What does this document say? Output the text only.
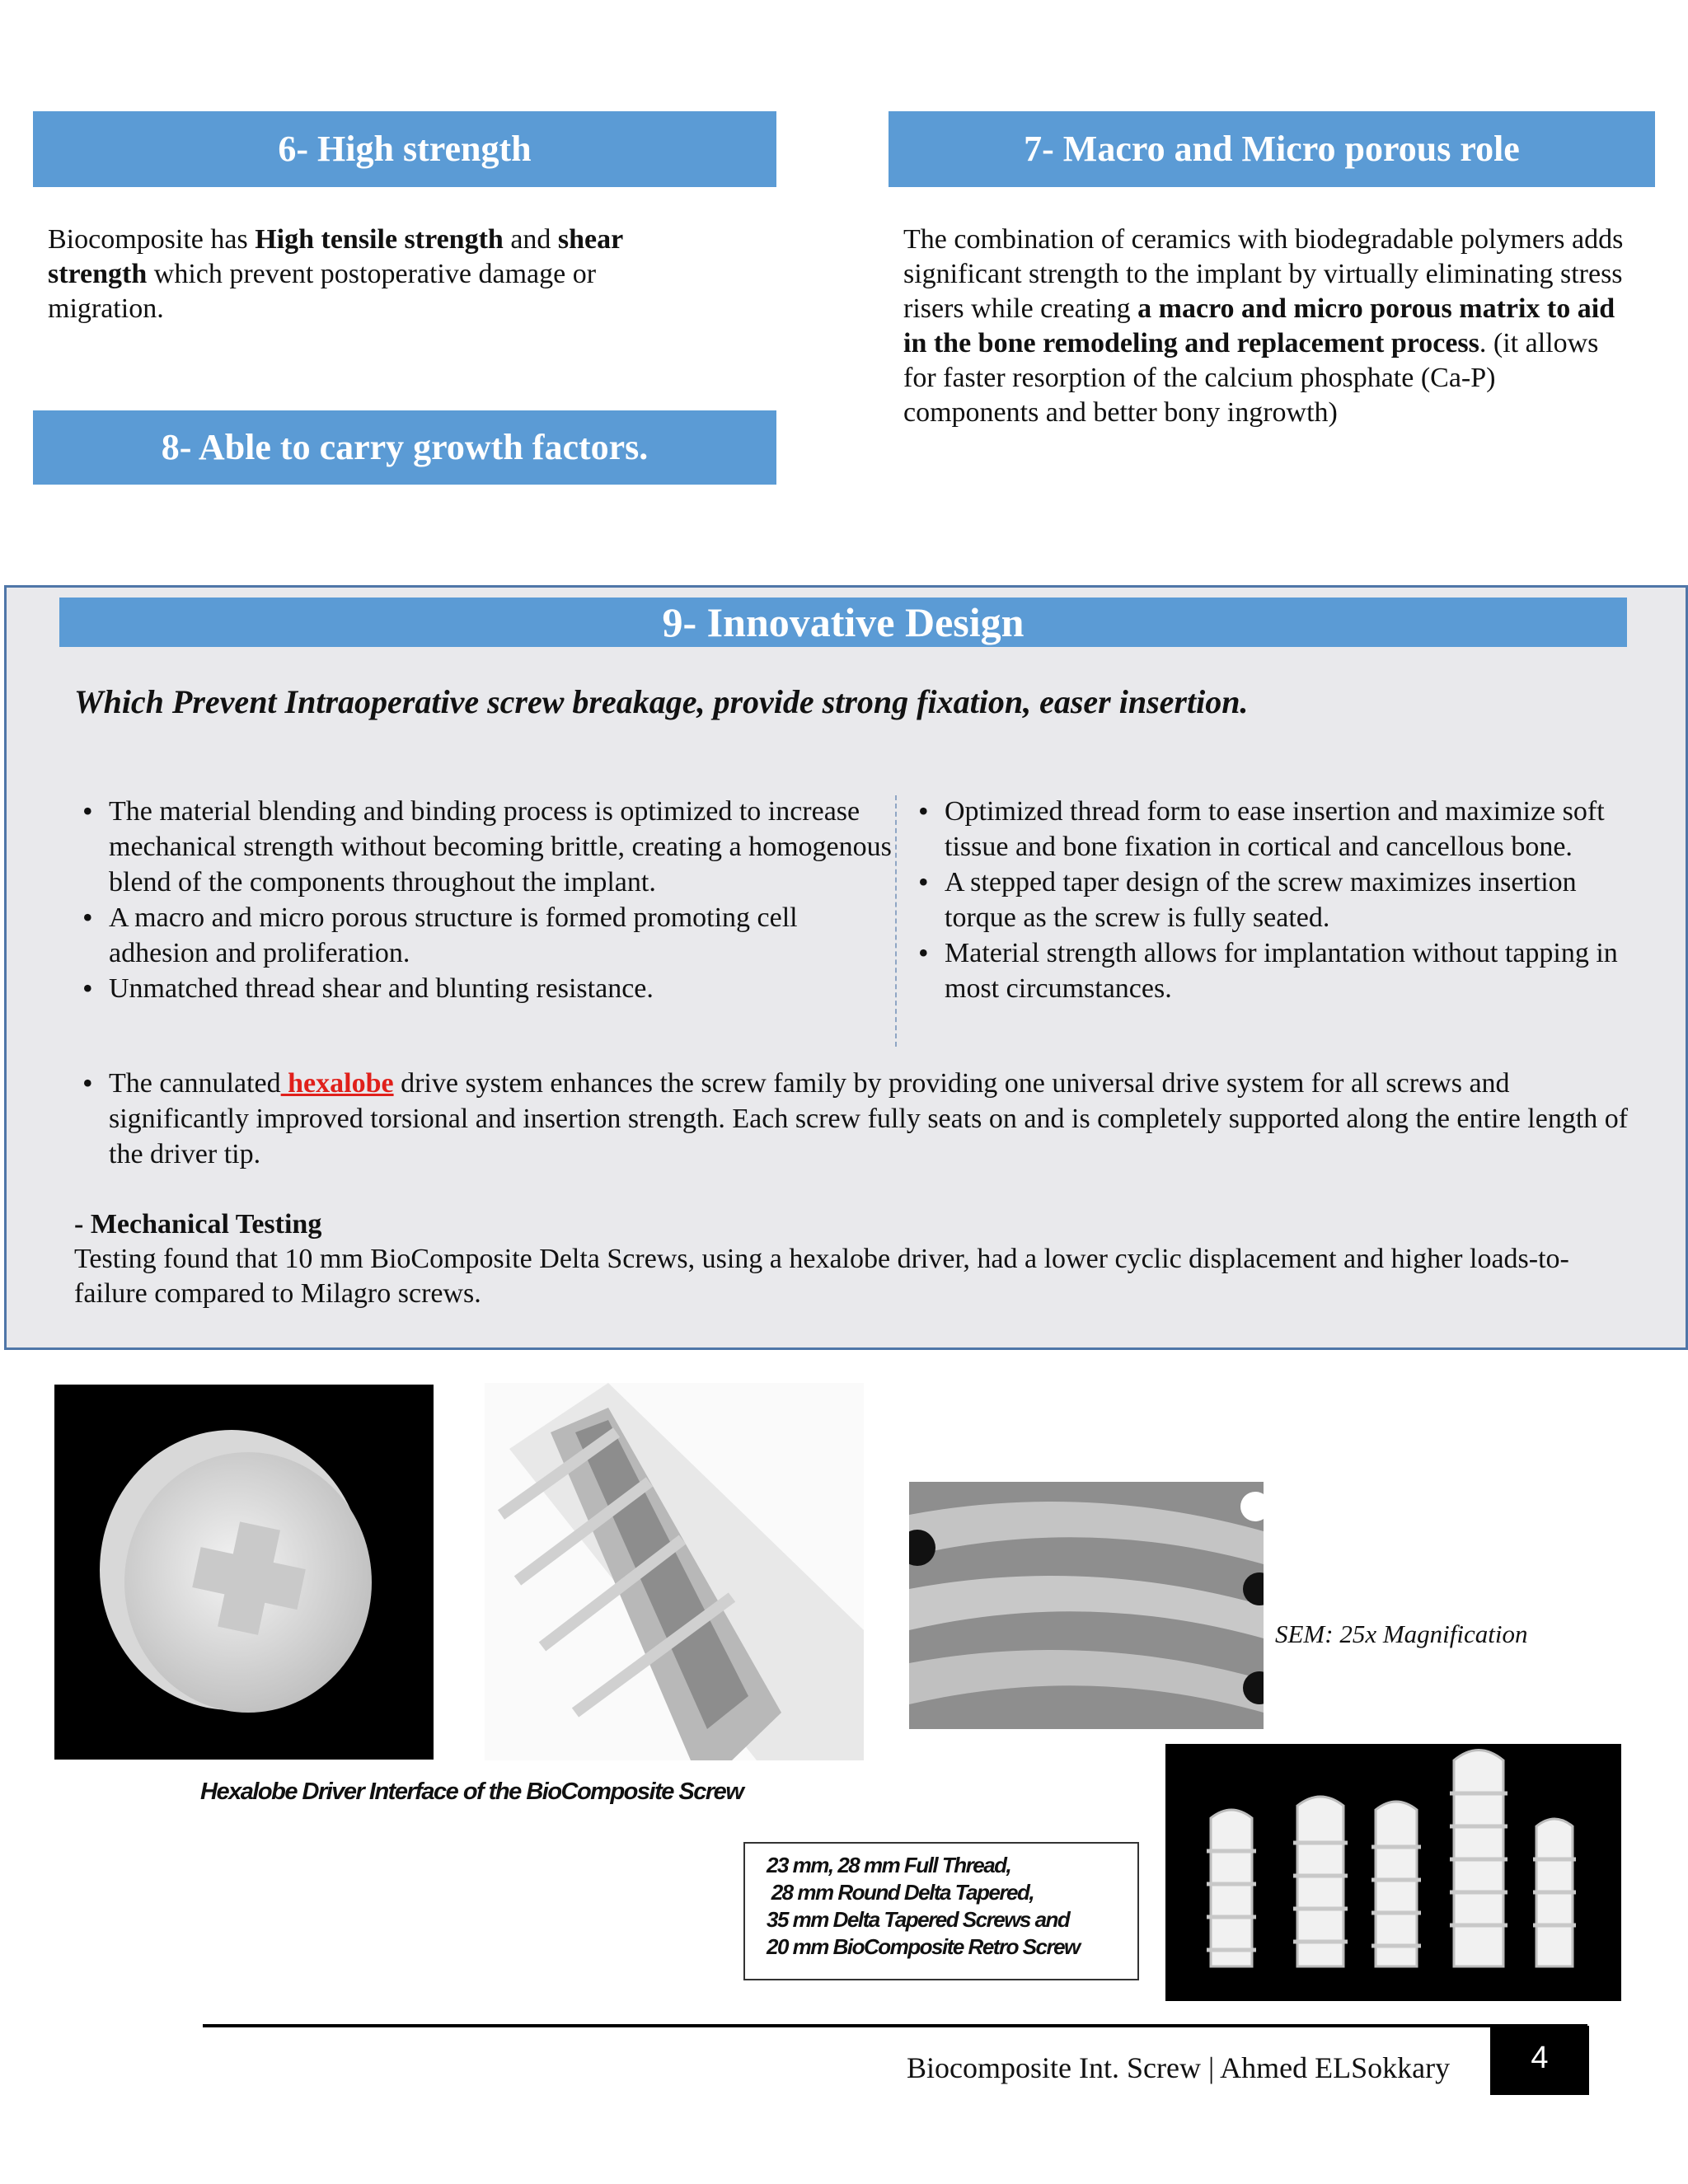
6- High strength
Biocomposite has High tensile strength and shear strength which prevent postoperative damage or migration.
8- Able to carry growth factors.
7- Macro and Micro porous role
The combination of ceramics with biodegradable polymers adds significant strength to the implant by virtually eliminating stress risers while creating a macro and micro porous matrix to aid in the bone remodeling and replacement process. (it allows for faster resorption of the calcium phosphate (Ca-P) components and better bony ingrowth)
9- Innovative Design
Which Prevent Intraoperative screw breakage, provide strong fixation, easer insertion.
• The material blending and binding process is optimized to increase mechanical strength without becoming brittle, creating a homogenous blend of the components throughout the implant.
• A macro and micro porous structure is formed promoting cell adhesion and proliferation.
• Unmatched thread shear and blunting resistance.
• Optimized thread form to ease insertion and maximize soft tissue and bone fixation in cortical and cancellous bone.
• A stepped taper design of the screw maximizes insertion torque as the screw is fully seated.
• Material strength allows for implantation without tapping in most circumstances.
• The cannulated hexalobe drive system enhances the screw family by providing one universal drive system for all screws and significantly improved torsional and insertion strength. Each screw fully seats on and is completely supported along the entire length of the driver tip.
- Mechanical Testing
Testing found that 10 mm BioComposite Delta Screws, using a hexalobe driver, had a lower cyclic displacement and higher loads-to-failure compared to Milagro screws.
SEM: 25x Magnification
Hexalobe Driver Interface of the BioComposite Screw
23 mm, 28 mm Full Thread,
28 mm Round Delta Tapered,
35 mm Delta Tapered Screws and
20 mm BioComposite Retro Screw
Biocomposite Int. Screw | Ahmed ELSokkary	4
